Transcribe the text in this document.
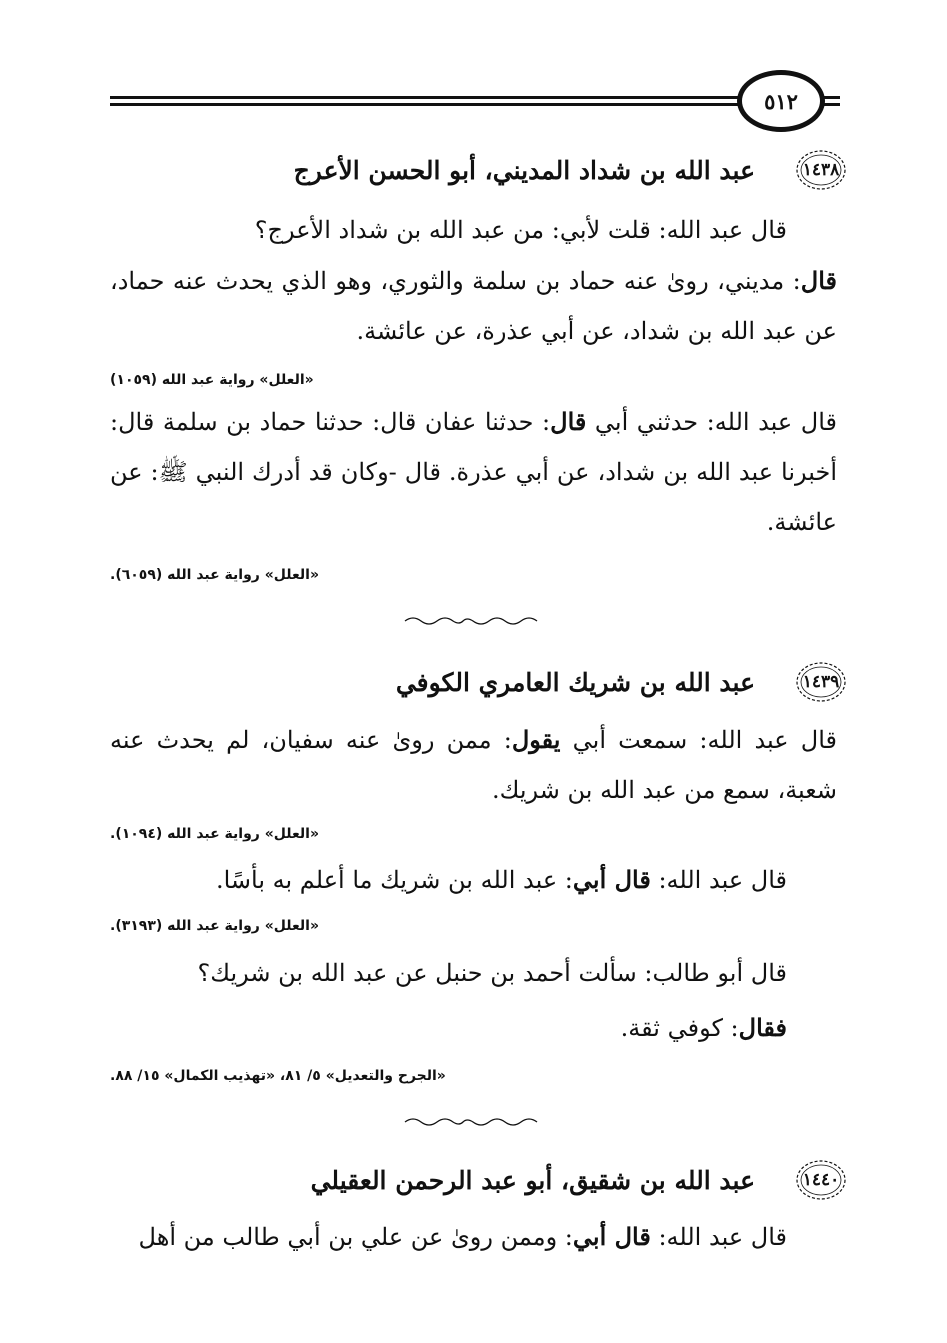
٥١٢
١٤٣٨
عبد الله بن شداد المديني، أبو الحسن الأعرج
قال عبد الله: قلت لأبي: من عبد الله بن شداد الأعرج؟
قال: مديني، روىٰ عنه حماد بن سلمة والثوري، وهو الذي يحدث عنه حماد، عن عبد الله بن شداد، عن أبي عذرة، عن عائشة.
«العلل» رواية عبد الله (١٠٥٩)
قال عبد الله: حدثني أبي قال: حدثنا عفان قال: حدثنا حماد بن سلمة قال: أخبرنا عبد الله بن شداد، عن أبي عذرة. قال -وكان قد أدرك النبي ﷺ: عن عائشة.
«العلل» رواية عبد الله (٦٠٥٩).
١٤٣٩
عبد الله بن شريك العامري الكوفي
قال عبد الله: سمعت أبي يقول: ممن روىٰ عنه سفيان، لم يحدث عنه شعبة، سمع من عبد الله بن شريك.
«العلل» رواية عبد الله (١٠٩٤).
قال عبد الله: قال أبي: عبد الله بن شريك ما أعلم به بأسًا.
«العلل» رواية عبد الله (٣١٩٣).
قال أبو طالب: سألت أحمد بن حنبل عن عبد الله بن شريك؟
فقال: كوفي ثقة.
«الجرح والتعديل» ٥/ ٨١، «تهذيب الكمال» ١٥/ ٨٨.
١٤٤٠
عبد الله بن شقيق، أبو عبد الرحمن العقيلي
قال عبد الله: قال أبي: وممن روىٰ عن علي بن أبي طالب من أهل
